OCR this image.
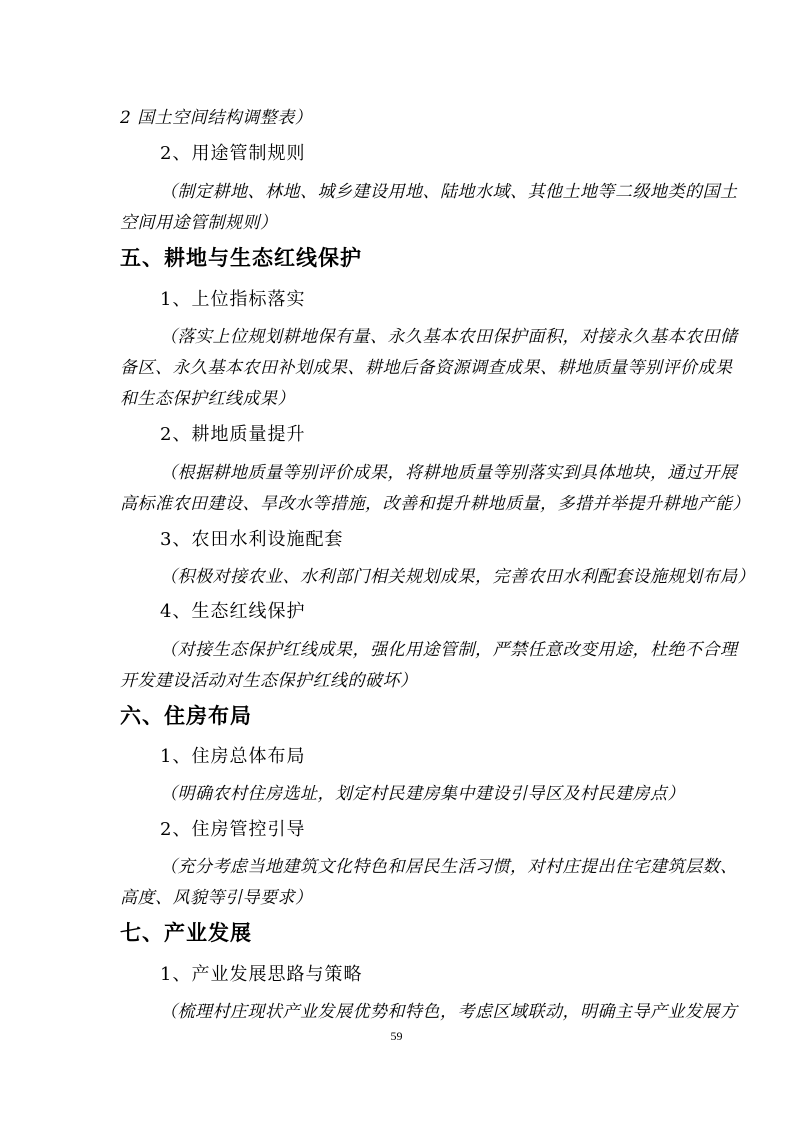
2 国土空间结构调整表）
2、用途管制规则
（制定耕地、林地、城乡建设用地、陆地水域、其他土地等二级地类的国土
空间用途管制规则）
五、耕地与生态红线保护
1、上位指标落实
（落实上位规划耕地保有量、永久基本农田保护面积，对接永久基本农田储
备区、永久基本农田补划成果、耕地后备资源调查成果、耕地质量等别评价成果
和生态保护红线成果）
2、耕地质量提升
（根据耕地质量等别评价成果，将耕地质量等别落实到具体地块，通过开展
高标准农田建设、旱改水等措施，改善和提升耕地质量，多措并举提升耕地产能）
3、农田水利设施配套
（积极对接农业、水利部门相关规划成果，完善农田水利配套设施规划布局）
4、生态红线保护
（对接生态保护红线成果，强化用途管制，严禁任意改变用途，杜绝不合理
开发建设活动对生态保护红线的破坏）
六、住房布局
1、住房总体布局
（明确农村住房选址，划定村民建房集中建设引导区及村民建房点）
2、住房管控引导
（充分考虑当地建筑文化特色和居民生活习惯，对村庄提出住宅建筑层数、
高度、风貌等引导要求）
七、产业发展
1、产业发展思路与策略
（梳理村庄现状产业发展优势和特色，考虑区域联动，明确主导产业发展方
59
